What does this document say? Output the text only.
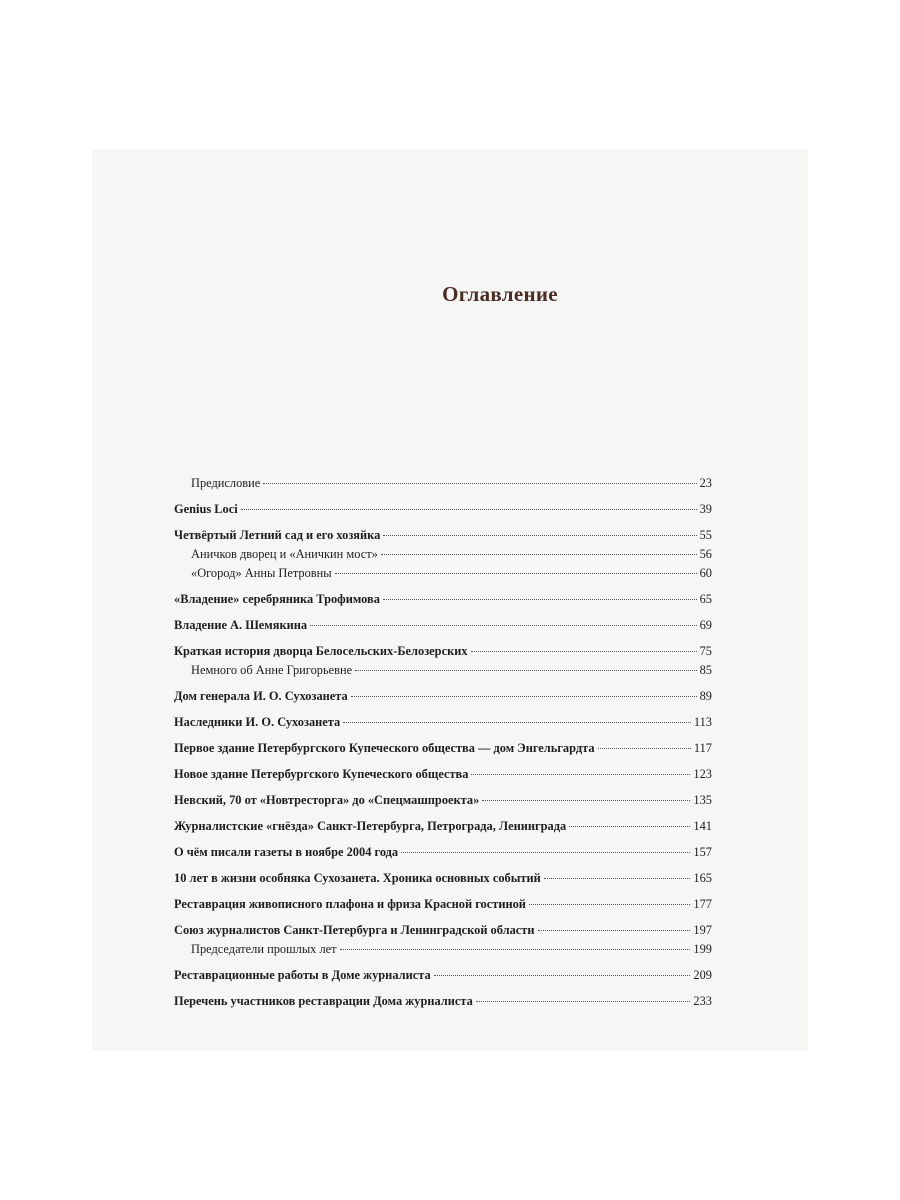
Оглавление
Предисловие	23
Genius Loci	39
Четвёртый Летний сад и его хозяйка	55
Аничков дворец и «Аничкин мост»	56
«Огород» Анны Петровны	60
«Владение» серебряника Трофимова	65
Владение А. Шемякина	69
Краткая история дворца Белосельских-Белозерских	75
Немного об Анне Григорьевне	85
Дом генерала И. О. Сухозанета	89
Наследники И. О. Сухозанета	113
Первое здание Петербургского Купеческого общества — дом Энгельгардта	117
Новое здание Петербургского Купеческого общества	123
Невский, 70 от «Новтресторга» до «Спецмашпроекта»	135
Журналистские «гнёзда» Санкт-Петербурга, Петрограда, Ленинграда	141
О чём писали газеты в ноябре 2004 года	157
10 лет в жизни особняка Сухозанета. Хроника основных событий	165
Реставрация живописного плафона и фриза Красной гостиной	177
Союз журналистов Санкт-Петербурга и Ленинградской области	197
Председатели прошлых лет	199
Реставрационные работы в Доме журналиста	209
Перечень участников реставрации Дома журналиста	233
